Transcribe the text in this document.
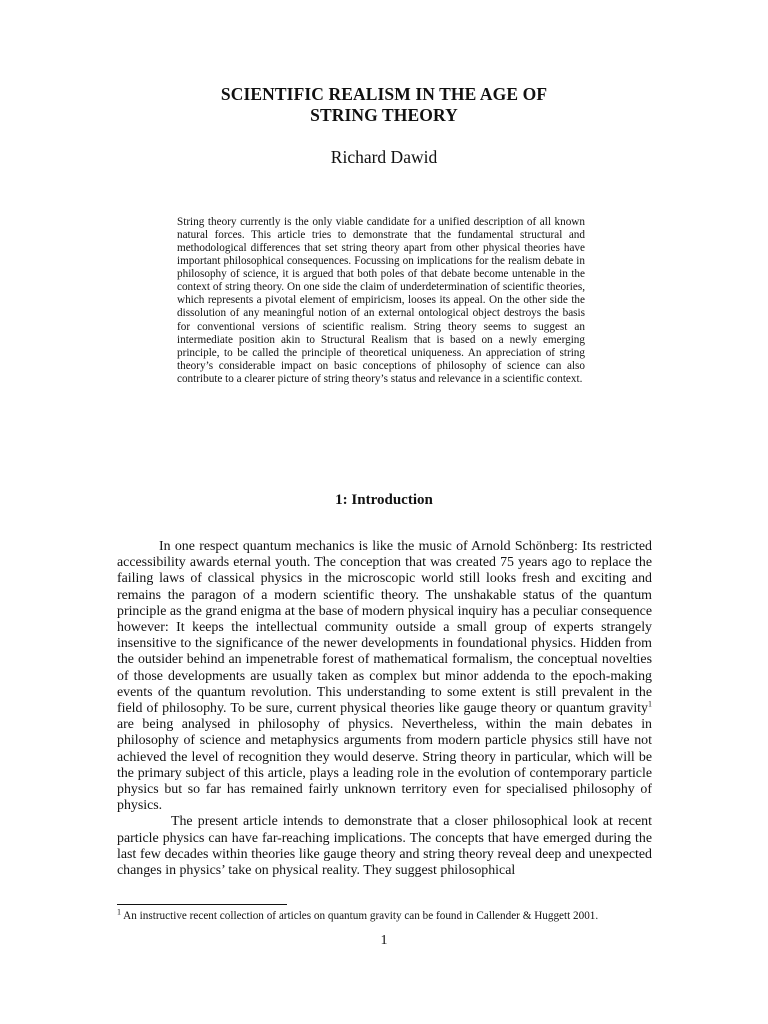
SCIENTIFIC REALISM IN THE AGE OF
STRING THEORY
Richard Dawid
String theory currently is the only viable candidate for a unified description of all known natural forces. This article tries to demonstrate that the fundamental structural and methodological differences that set string theory apart from other physical theories have important philosophical consequences. Focussing on implications for the realism debate in philosophy of science, it is argued that both poles of that debate become untenable in the context of string theory. On one side the claim of underdetermination of scientific theories, which represents a pivotal element of empiricism, looses its appeal. On the other side the dissolution of any meaningful notion of an external ontological object destroys the basis for conventional versions of scientific realism. String theory seems to suggest an intermediate position akin to Structural Realism that is based on a newly emerging principle, to be called the principle of theoretical uniqueness. An appreciation of string theory’s considerable impact on basic conceptions of philosophy of science can also contribute to a clearer picture of string theory’s status and relevance in a scientific context.
1: Introduction

In one respect quantum mechanics is like the music of Arnold Schönberg: Its restricted accessibility awards eternal youth. The conception that was created 75 years ago to replace the failing laws of classical physics in the microscopic world still looks fresh and exciting and remains the paragon of a modern scientific theory. The unshakable status of the quantum principle as the grand enigma at the base of modern physical inquiry has a peculiar consequence however: It keeps the intellectual community outside a small group of experts strangely insensitive to the significance of the newer developments in foundational physics. Hidden from the outsider behind an impenetrable forest of mathematical formalism, the conceptual novelties of those developments are usually taken as complex but minor addenda to the epoch-making events of the quantum revolution. This understanding to some extent is still prevalent in the field of philosophy. To be sure, current physical theories like gauge theory or quantum gravity$^1$ are being analysed in philosophy of physics. Nevertheless, within the main debates in philosophy of science and metaphysics arguments from modern particle physics still have not achieved the level of recognition they would deserve. String theory in particular, which will be the primary subject of this article, plays a leading role in the evolution of contemporary particle physics but so far has remained fairly unknown territory even for specialised philosophy of physics.

The present article intends to demonstrate that a closer philosophical look at recent particle physics can have far-reaching implications. The concepts that have emerged during the last few decades within theories like gauge theory and string theory reveal deep and unexpected changes in physics’ take on physical reality. They suggest philosophical

$^1$ An instructive recent collection of articles on quantum gravity can be found in Callender & Huggett 2001.
1
